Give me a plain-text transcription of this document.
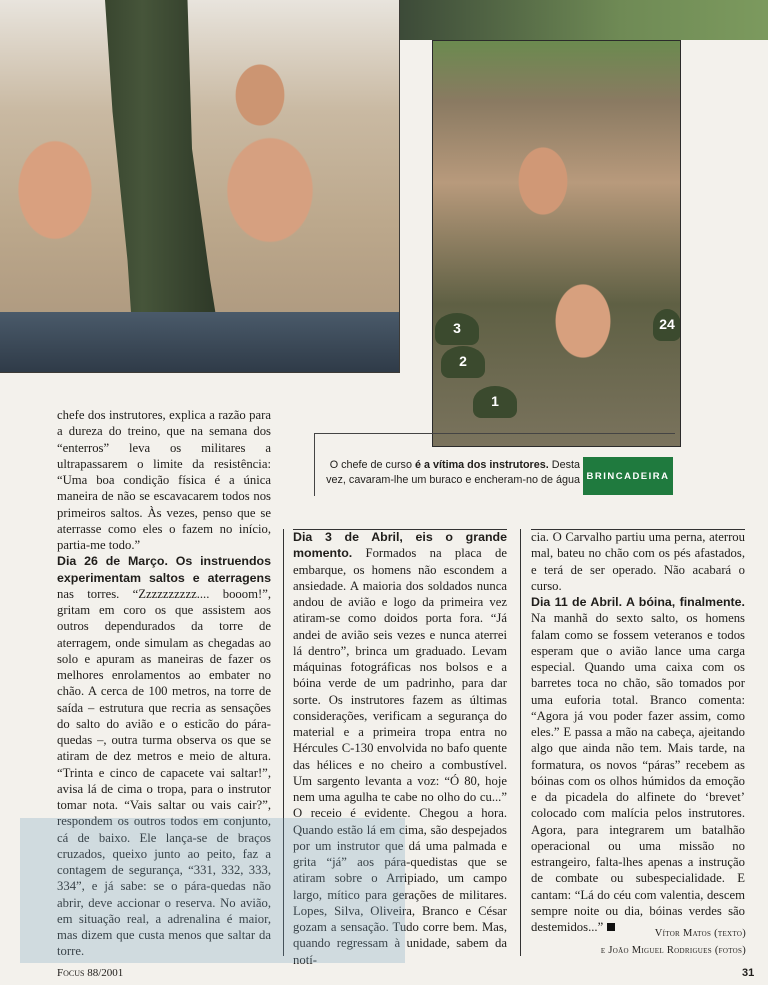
3
2
1
24
O chefe de curso é a vítima dos instrutores. Desta vez, cavaram-lhe um buraco e encheram-no de água BRINCADEIRA

chefe dos instrutores, explica a razão para a dureza do treino, que na semana dos “enterros” leva os militares a ultrapassarem o limite da resistência: “Uma boa condição física é a única maneira de não se escavacarem todos nos primeiros saltos. Às vezes, penso que se aterrasse como eles o fazem no início, partia-me todo.”

Dia 26 de Março. Os instruendos experimentam saltos e aterragens nas torres. “Zzzzzzzzzz.... booom!”, gritam em coro os que assistem aos outros dependurados da torre de aterragem, onde simulam as chegadas ao solo e apuram as maneiras de fazer os melhores enrolamentos ao embater no chão. A cerca de 100 metros, na torre de saída – estrutura que recria as sensações do salto do avião e o esticão do pára-quedas –, outra turma observa os que se atiram de dez metros e meio de altura. “Trinta e cinco de capacete vai saltar!”, avisa lá de cima o tropa, para o instrutor tomar nota. “Vais saltar ou vais cair?”, respondem os outros todos em conjunto, cá de baixo. Ele lança-se de braços cruzados, queixo junto ao peito, faz a contagem de segurança, “331, 332, 333, 334”, e já sabe: se o pára-quedas não abrir, deve accionar o reserva. No avião, em situação real, a adrenalina é maior, mas dizem que custa menos que saltar da torre.

Dia 3 de Abril, eis o grande momento. Formados na placa de embarque, os homens não escondem a ansiedade. A maioria dos soldados nunca andou de avião e logo da primeira vez atiram-se como doidos porta fora. “Já andei de avião seis vezes e nunca aterrei lá dentro”, brinca um graduado. Levam máquinas fotográficas nos bolsos e a bóina verde de um padrinho, para dar sorte. Os instrutores fazem as últimas considerações, verificam a segurança do material e a primeira tropa entra no Hércules C-130 envolvida no bafo quente das hélices e no cheiro a combustível. Um sargento levanta a voz: “Ó 80, hoje nem uma agulha te cabe no olho do cu...” O receio é evidente. Chegou a hora. Quando estão lá em cima, são despejados por um instrutor que dá uma palmada e grita “já” aos pára-quedistas que se atiram sobre o Arripiado, um campo largo, mítico para gerações de militares. Lopes, Silva, Oliveira, Branco e César gozam a sensação. Tudo corre bem. Mas, quando regressam à unidade, sabem da notí-

cia. O Carvalho partiu uma perna, aterrou mal, bateu no chão com os pés afastados, e terá de ser operado. Não acabará o curso.

Dia 11 de Abril. A bóina, finalmente. Na manhã do sexto salto, os homens falam como se fossem veteranos e todos esperam que o avião lance uma carga especial. Quando uma caixa com os barretes toca no chão, são tomados por uma euforia total. Branco comenta: “Agora já vou poder fazer assim, como eles.” E passa a mão na cabeça, ajeitando algo que ainda não tem. Mais tarde, na formatura, os novos “páras” recebem as bóinas com os olhos húmidos da emoção e da picadela do alfinete do ‘brevet’ colocado com malícia pelos instrutores. Agora, para integrarem um batalhão operacional ou uma missão no estrangeiro, falta-lhes apenas a instrução de combate ou subespecialidade. E cantam: “Lá do céu com valentia, descem sempre noite ou dia, bóinas verdes são destemidos...”	Vítor Matos (texto)
e João Miguel Rodrigues (fotos)
Focus 88/2001	31
